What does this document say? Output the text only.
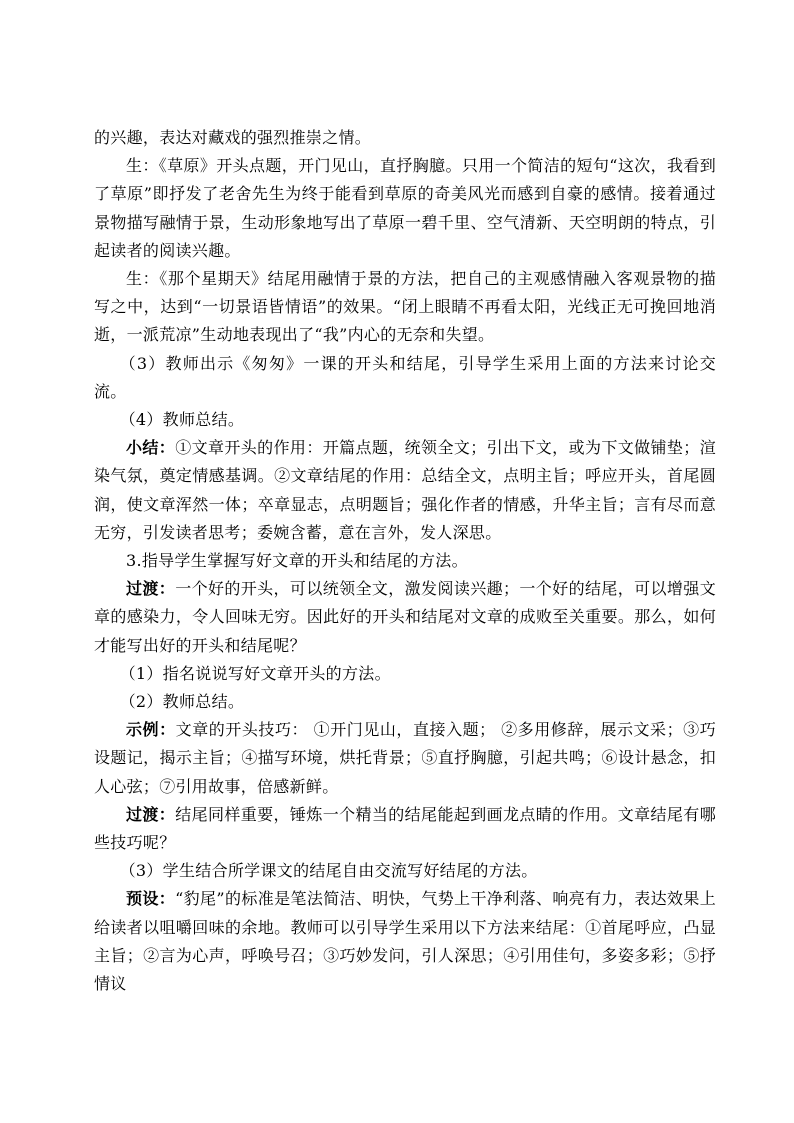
的兴趣，表达对藏戏的强烈推崇之情。

生：《草原》开头点题，开门见山，直抒胸臆。只用一个简洁的短句“这次，我看到了草原”即抒发了老舍先生为终于能看到草原的奇美风光而感到自豪的感情。接着通过景物描写融情于景，生动形象地写出了草原一碧千里、空气清新、天空明朗的特点，引起读者的阅读兴趣。

生：《那个星期天》结尾用融情于景的方法，把自己的主观感情融入客观景物的描写之中，达到“一切景语皆情语”的效果。“闭上眼睛不再看太阳，光线正无可挽回地消逝，一派荒凉”生动地表现出了“我”内心的无奈和失望。

（3）教师出示《匆匆》一课的开头和结尾，引导学生采用上面的方法来讨论交流。

（4）教师总结。

小结：①文章开头的作用：开篇点题，统领全文；引出下文，或为下文做铺垫；渲染气氛，奠定情感基调。②文章结尾的作用：总结全文，点明主旨；呼应开头，首尾圆润，使文章浑然一体；卒章显志，点明题旨；强化作者的情感，升华主旨；言有尽而意无穷，引发读者思考；委婉含蓄，意在言外，发人深思。

3.指导学生掌握写好文章的开头和结尾的方法。

过渡：一个好的开头，可以统领全文，激发阅读兴趣；一个好的结尾，可以增强文章的感染力，令人回味无穷。因此好的开头和结尾对文章的成败至关重要。那么，如何才能写出好的开头和结尾呢？

（1）指名说说写好文章开头的方法。

（2）教师总结。

示例：文章的开头技巧： ①开门见山，直接入题； ②多用修辞，展示文采；③巧设题记，揭示主旨；④描写环境，烘托背景；⑤直抒胸臆，引起共鸣；⑥设计悬念，扣人心弦；⑦引用故事，倍感新鲜。

过渡：结尾同样重要，锤炼一个精当的结尾能起到画龙点睛的作用。文章结尾有哪些技巧呢？

（3）学生结合所学课文的结尾自由交流写好结尾的方法。

预设：“豹尾”的标准是笔法简洁、明快，气势上干净利落、响亮有力，表达效果上给读者以咀嚼回味的余地。教师可以引导学生采用以下方法来结尾：①首尾呼应，凸显主旨；②言为心声，呼唤号召；③巧妙发问，引人深思；④引用佳句，多姿多彩；⑤抒情议
